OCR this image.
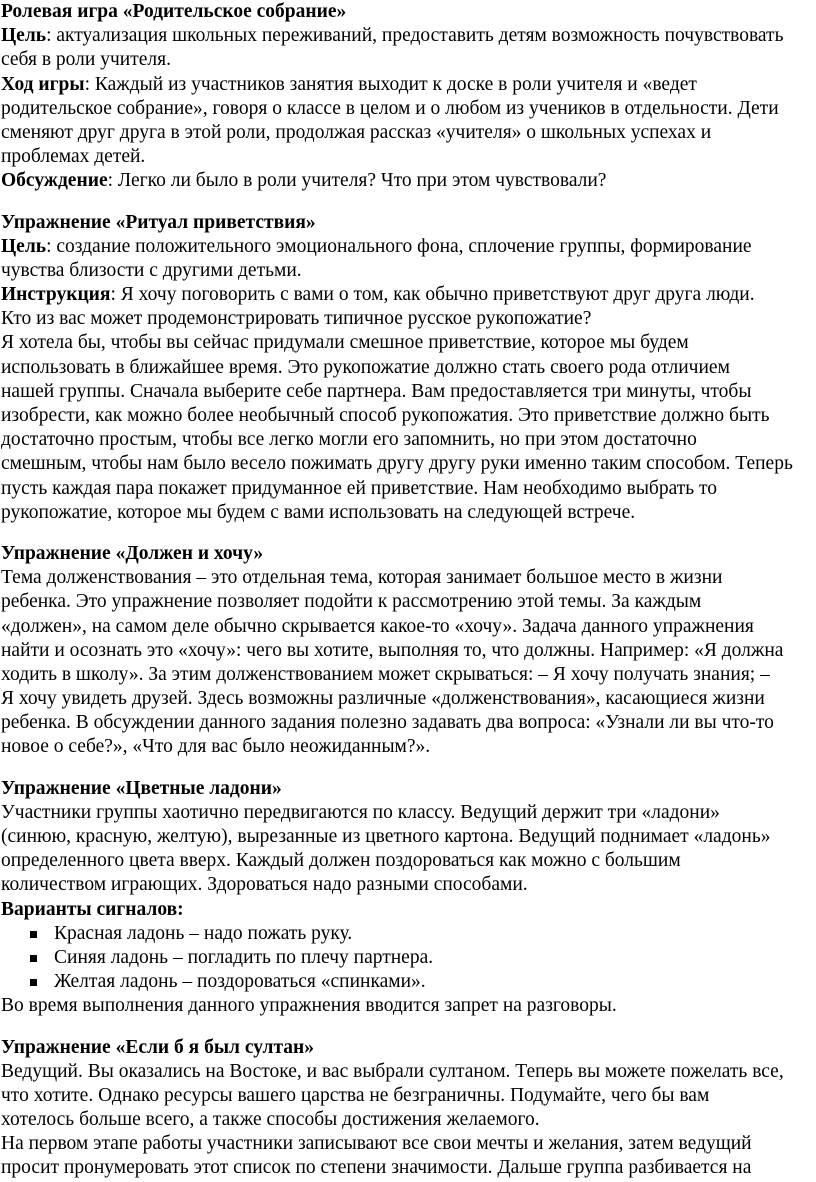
Ролевая игра «Родительское собрание»
Цель: актуализация школьных переживаний, предоставить детям возможность почувствовать
себя в роли учителя.
Ход игры: Каждый из участников занятия выходит к доске в роли учителя и «ведет
родительское собрание», говоря о классе в целом и о любом из учеников в отдельности. Дети
сменяют друг друга в этой роли, продолжая рассказ «учителя» о школьных успехах и
проблемах детей.
Обсуждение: Легко ли было в роли учителя? Что при этом чувствовали?
Упражнение «Ритуал приветствия»
Цель: создание положительного эмоционального фона, сплочение группы, формирование
чувства близости с другими детьми.
Инструкция: Я хочу поговорить с вами о том, как обычно приветствуют друг друга люди.
Кто из вас может продемонстрировать типичное русское рукопожатие?
Я хотела бы, чтобы вы сейчас придумали смешное приветствие, которое мы будем
использовать в ближайшее время. Это рукопожатие должно стать своего рода отличием
нашей группы. Сначала выберите себе партнера. Вам предоставляется три минуты, чтобы
изобрести, как можно более необычный способ рукопожатия. Это приветствие должно быть
достаточно простым, чтобы все легко могли его запомнить, но при этом достаточно
смешным, чтобы нам было весело пожимать другу другу руки именно таким способом. Теперь
пусть каждая пара покажет придуманное ей приветствие. Нам необходимо выбрать то
рукопожатие, которое мы будем с вами использовать на следующей встрече.
Упражнение «Должен и хочу»
Тема долженствования – это отдельная тема, которая занимает большое место в жизни
ребенка. Это упражнение позволяет подойти к рассмотрению этой темы. За каждым
«должен», на самом деле обычно скрывается какое-то «хочу». Задача данного упражнения
найти и осознать это «хочу»: чего вы хотите, выполняя то, что должны. Например: «Я должна
ходить в школу». За этим долженствованием может скрываться: – Я хочу получать знания; –
Я хочу увидеть друзей. Здесь возможны различные «долженствования», касающиеся жизни
ребенка. В обсуждении данного задания полезно задавать два вопроса: «Узнали ли вы что-то
новое о себе?», «Что для вас было неожиданным?».
Упражнение «Цветные ладони»
Участники группы хаотично передвигаются по классу. Ведущий держит три «ладони»
(синюю, красную, желтую), вырезанные из цветного картона. Ведущий поднимает «ладонь»
определенного цвета вверх. Каждый должен поздороваться как можно с большим
количеством играющих. Здороваться надо разными способами.
Варианты сигналов:
Красная ладонь – надо пожать руку.
Синяя ладонь – погладить по плечу партнера.
Желтая ладонь – поздороваться «спинками».
Во время выполнения данного упражнения вводится запрет на разговоры.
Упражнение «Если б я был султан»
Ведущий. Вы оказались на Востоке, и вас выбрали султаном. Теперь вы можете пожелать все,
что хотите. Однако ресурсы вашего царства не безграничны. Подумайте, чего бы вам
хотелось больше всего, а также способы достижения желаемого.
На первом этапе работы участники записывают все свои мечты и желания, затем ведущий
просит пронумеровать этот список по степени значимости. Дальше группа разбивается на
